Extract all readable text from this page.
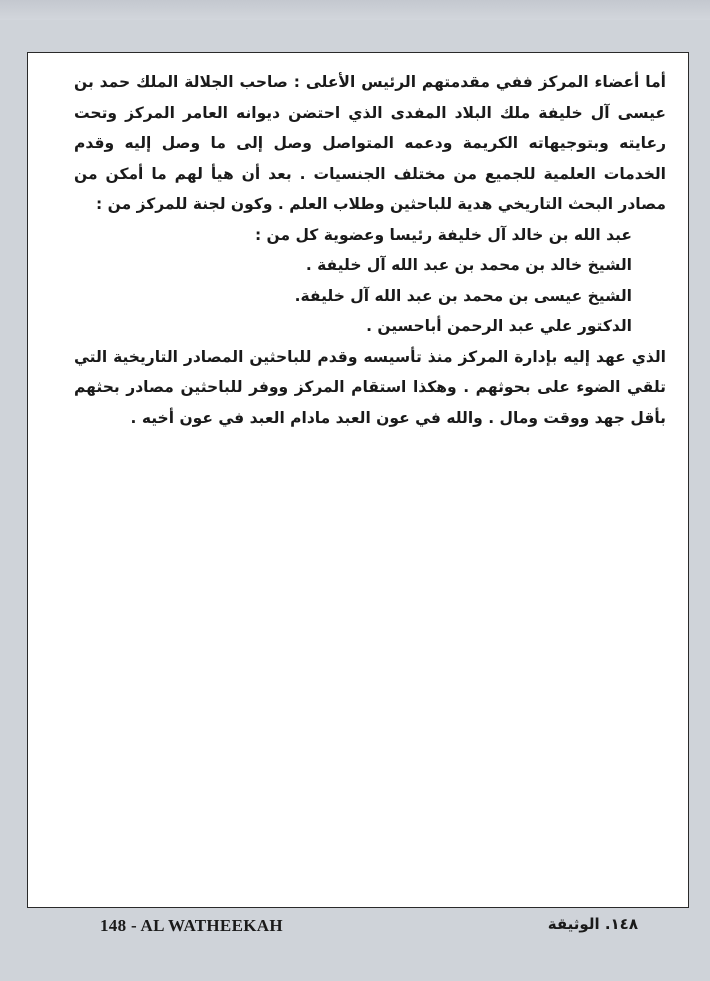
أما أعضاء المركز ففي مقدمتهم الرئيس الأعلى : صاحب الجلالة الملك حمد بن عيسى آل خليفة ملك البلاد المفدى الذي احتضن ديوانه العامر المركز وتحت رعايته وبتوجيهاته الكريمة ودعمه المتواصل وصل إلى ما وصل إليه وقدم الخدمات العلمية للجميع من مختلف الجنسيات . بعد أن هيأ لهم ما أمكن من مصادر البحث التاريخي هدية للباحثين وطلاب العلم . وكون لجنة للمركز من :

عبد الله بن خالد آل خليفة رئيسا وعضوية كل من :
الشيخ خالد بن محمد بن عبد الله آل خليفة .
الشيخ عيسى بن محمد بن عبد الله آل خليفة.
الدكتور علي عبد الرحمن أباحسين .

الذي عهد إليه بإدارة المركز منذ تأسيسه وقدم للباحثين المصادر التاريخية التي تلقي الضوء على بحوثهم . وهكذا استقام المركز ووفر للباحثين مصادر بحثهم بأقل جهد ووقت ومال . والله في عون العبد مادام العبد في عون أخيه .

148 - AL WATHEEKAH	١٤٨. الوثيقة
